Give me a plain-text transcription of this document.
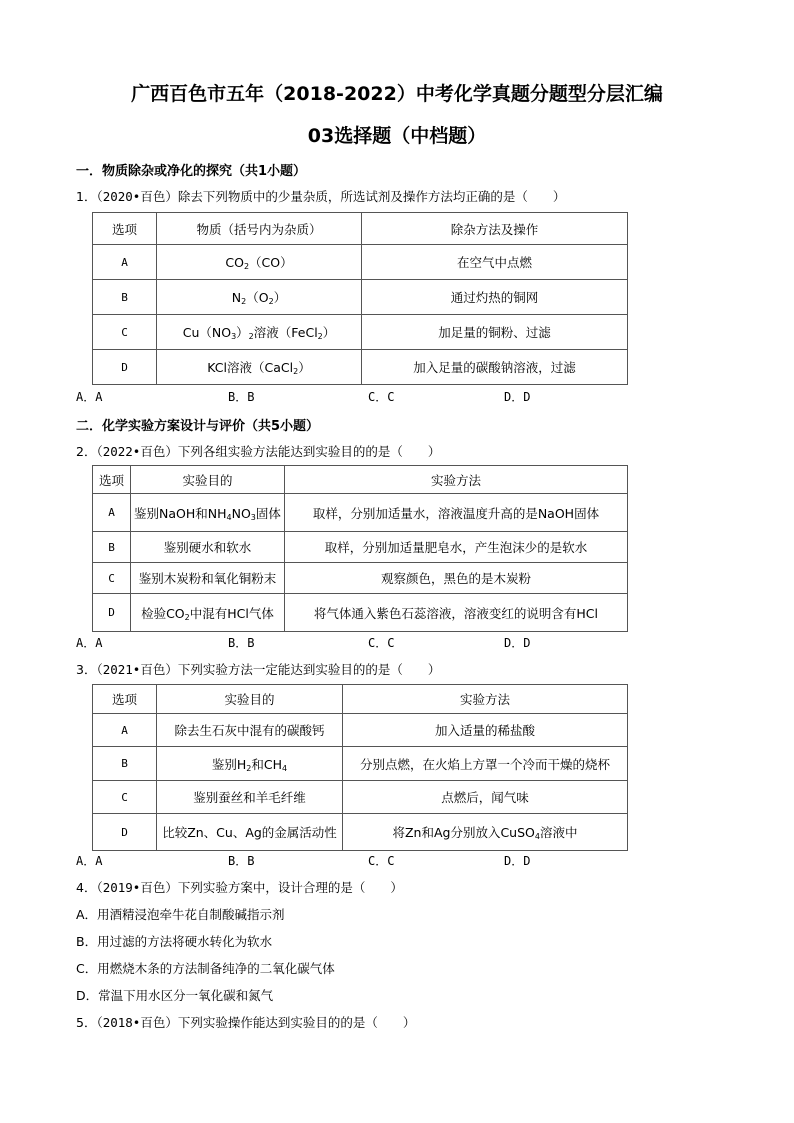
广西百色市五年（2018-2022）中考化学真题分题型分层汇编
03选择题（中档题）
一．物质除杂或净化的探究（共1小题）
1．（2020•百色）除去下列物质中的少量杂质，所选试剂及操作方法均正确的是（　　）
选项	物质（括号内为杂质）	除杂方法及操作
A	$CO_2(CO)$	在空气中点燃
B	$N_2(O_2)$	通过灼热的铜网
C	$Cu(NO_3)_2$溶液（FeCl$_2$）	加足量的铜粉、过滤
D	KCl溶液（CaCl$_2$）	加入足量的碳酸钠溶液，过滤
A．A	B．B	C．C	D．D
二．化学实验方案设计与评价（共5小题）
2．（2022•百色）下列各组实验方法能达到实验目的的是（　　）
选项	实验目的	实验方法
A	鉴别NaOH和$NH_4NO_3$固体	取样，分别加适量水，溶液温度升高的是NaOH固体
B	鉴别硬水和软水	取样，分别加适量肥皂水，产生泡沫少的是软水
C	鉴别木炭粉和氧化铜粉末	观察颜色，黑色的是木炭粉
D	检验$CO_2$中混有HCl气体	将气体通入紫色石蕊溶液，溶液变红的说明含有HCl
A．A	B．B	C．C	D．D
3．（2021•百色）下列实验方法一定能达到实验目的的是（　　）
选项	实验目的	实验方法
A	除去生石灰中混有的碳酸钙	加入适量的稀盐酸
B	鉴别$H_2$和$CH_4$	分别点燃，在火焰上方罩一个冷而干燥的烧杯
C	鉴别蚕丝和羊毛纤维	点燃后，闻气味
D	比较Zn、Cu、Ag的金属活动性	将Zn和Ag分别放入CuSO$_4$溶液中
A．A	B．B	C．C	D．D
4．（2019•百色）下列实验方案中，设计合理的是（　　）
A．用酒精浸泡牵牛花自制酸碱指示剂
B．用过滤的方法将硬水转化为软水
C．用燃烧木条的方法制备纯净的二氧化碳气体
D．常温下用水区分一氧化碳和氮气
5．（2018•百色）下列实验操作能达到实验目的的是（　　）
